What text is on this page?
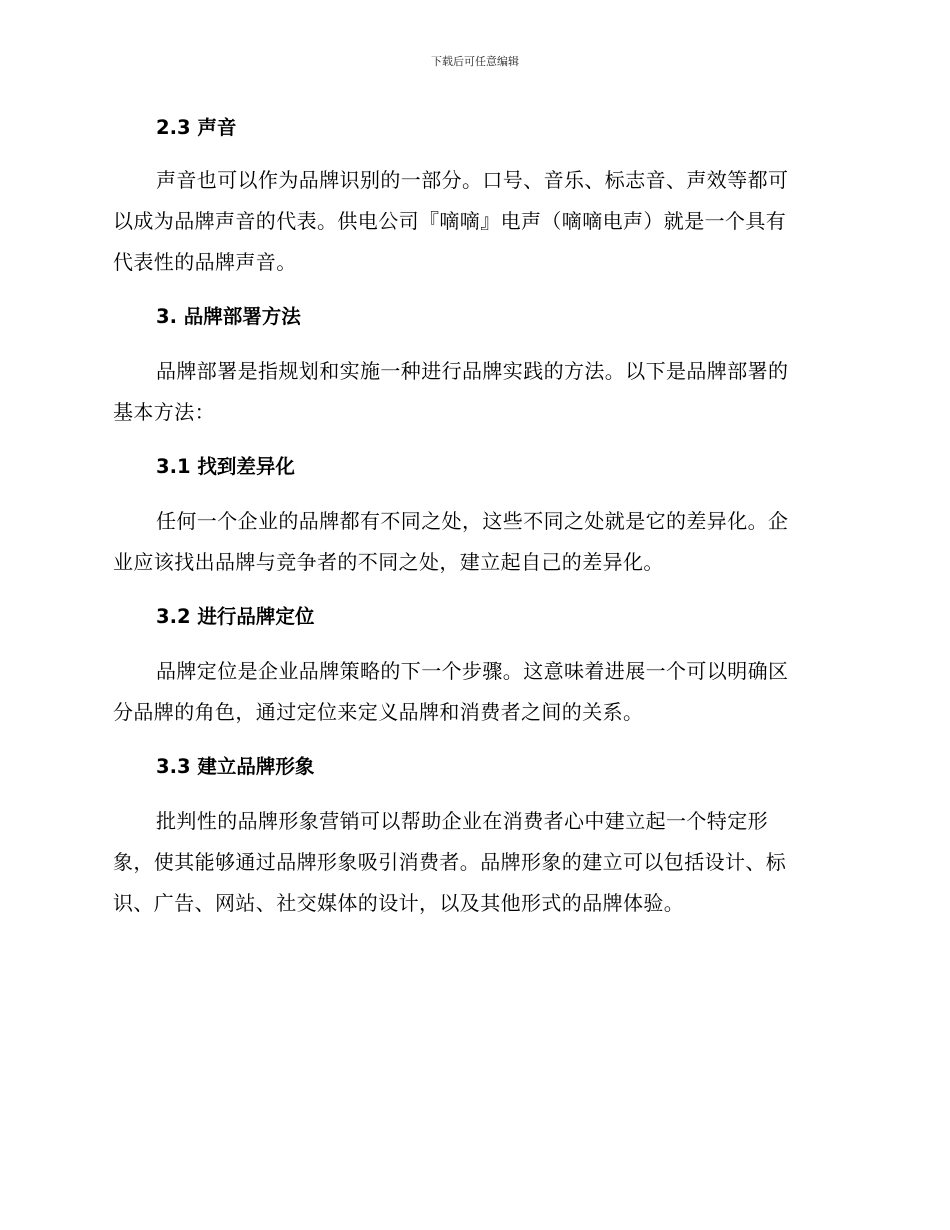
下载后可任意编辑
2.3 声音

声音也可以作为品牌识别的一部分。口号、音乐、标志音、声效等都可
以成为品牌声音的代表。供电公司『嘀嘀』电声（嘀嘀电声）就是一个具有
代表性的品牌声音。

3. 品牌部署方法

品牌部署是指规划和实施一种进行品牌实践的方法。以下是品牌部署的
基本方法：

3.1 找到差异化

任何一个企业的品牌都有不同之处，这些不同之处就是它的差异化。企
业应该找出品牌与竞争者的不同之处，建立起自己的差异化。

3.2 进行品牌定位

品牌定位是企业品牌策略的下一个步骤。这意味着进展一个可以明确区
分品牌的角色，通过定位来定义品牌和消费者之间的关系。

3.3 建立品牌形象

批判性的品牌形象营销可以帮助企业在消费者心中建立起一个特定形
象，使其能够通过品牌形象吸引消费者。品牌形象的建立可以包括设计、标
识、广告、网站、社交媒体的设计，以及其他形式的品牌体验。
